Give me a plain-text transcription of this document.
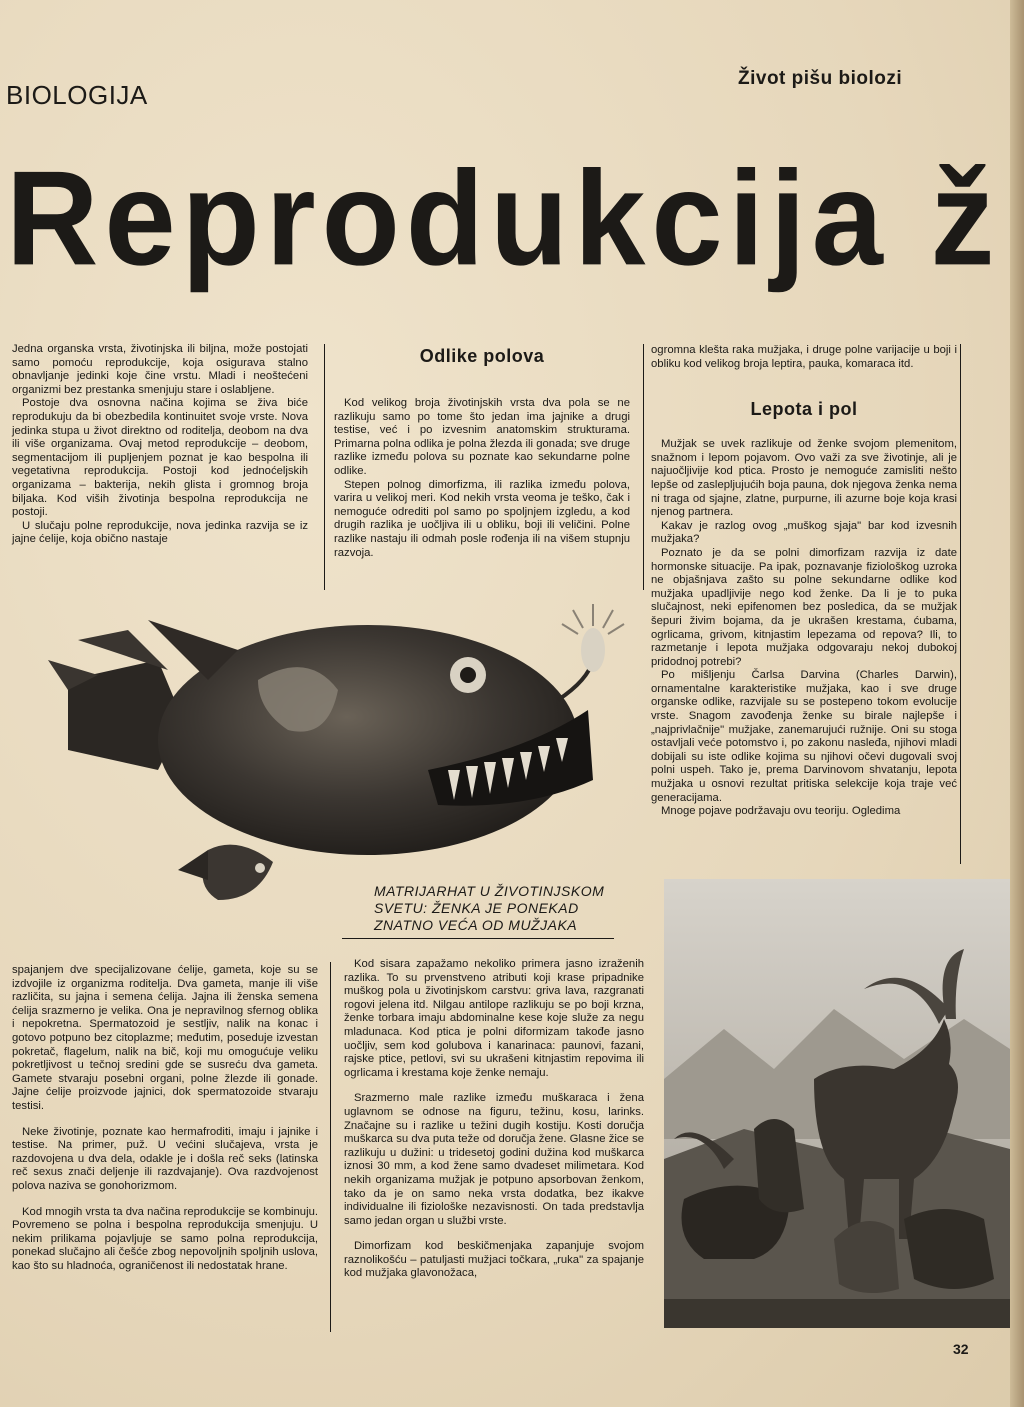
BIOLOGIJA
Život pišu biolozi
Reprodukcija ž

Jedna organska vrsta, životinjska ili biljna, može postojati samo pomoću reprodukcije, koja osigurava stalno obnavljanje jedinki koje čine vrstu. Mladi i neoštećeni organizmi bez prestanka smenjuju stare i oslabljene.

Postoje dva osnovna načina kojima se živa biće reprodukuju da bi obezbedila kontinuitet svoje vrste. Nova jedinka stupa u život direktno od roditelja, deobom na dva ili više organizama. Ovaj metod reprodukcije – deobom, segmentacijom ili pupljenjem poznat je kao bespolna ili vegetativna reprodukcija. Postoji kod jednoćeljskih organizama – bakterija, nekih glista i gromnog broja biljaka. Kod viših životinja bespolna reprodukcija ne postoji.

U slučaju polne reprodukcije, nova jedinka razvija se iz jajne ćelije, koja obično nastaje

Odlike polova

Kod velikog broja životinjskih vrsta dva pola se ne razlikuju samo po tome što jedan ima jajnike a drugi testise, već i po izvesnim anatomskim strukturama. Primarna polna odlika je polna žlezda ili gonada; sve druge razlike između polova su poznate kao sekundarne polne odlike.

Stepen polnog dimorfizma, ili razlika između polova, varira u velikoj meri. Kod nekih vrsta veoma je teško, čak i nemoguće odrediti pol samo po spoljnjem izgledu, a kod drugih razlika je uočljiva ili u obliku, boji ili veličini. Polne razlike nastaju ili odmah posle rođenja ili na višem stupnju razvoja.

ogromna klešta raka mužjaka, i druge polne varijacije u boji i obliku kod velikog broja leptira, pauka, komaraca itd.

Lepota i pol

Mužjak se uvek razlikuje od ženke svojom plemenitom, snažnom i lepom pojavom. Ovo važi za sve životinje, ali je najuočljivije kod ptica. Prosto je nemoguće zamisliti nešto lepše od zaslepljujućih boja pauna, dok njegova ženka nema ni traga od sjajne, zlatne, purpurne, ili azurne boje koja krasi njenog partnera.

Kakav je razlog ovog „muškog sjaja" bar kod izvesnih mužjaka?

Poznato je da se polni dimorfizam razvija iz date hormonske situacije. Pa ipak, poznavanje fiziološkog uzroka ne objašnjava zašto su polne sekundarne odlike kod mužjaka upadljivije nego kod ženke. Da li je to puka slučajnost, neki epifenomen bez posledica, da se mužjak šepuri živim bojama, da je ukrašen krestama, ćubama, ogrlicama, grivom, kitnjastim lepezama od repova? Ili, to razmetanje i lepota mužjaka odgovaraju nekoj dubokoj pridodnoj potrebi?

Po mišljenju Čarlsa Darvina (Charles Darwin), ornamentalne karakteristike mužjaka, kao i sve druge organske odlike, razvijale su se postepeno tokom evolucije vrste. Snagom zavođenja ženke su birale najlepše i „najprivlačnije" mužjake, zanemarujući ružnije. Oni su stoga ostavljali veće potomstvo i, po zakonu nasleđa, njihovi mladi dobijali su iste odlike kojima su njihovi očevi dugovali svoj polni uspeh. Tako je, prema Darvinovom shvatanju, lepota mužjaka u osnovi rezultat pritiska selekcije koja traje već generacijama.

Mnoge pojave podržavaju ovu teoriju. Ogledima

MATRIJARHAT U ŽIVOTINJSKOM
SVETU: ŽENKA JE PONEKAD
ZNATNO VEĆA OD MUŽJAKA

spajanjem dve specijalizovane ćelije, gameta, koje su se izdvojile iz organizma roditelja. Dva gameta, manje ili više različita, su jajna i semena ćelija. Jajna ili ženska semena ćelija srazmerno je velika. Ona je nepravilnog sfernog oblika i nepokretna. Spermatozoid je sestljiv, nalik na konac i gotovo potpuno bez citoplazme; međutim, poseduje izvestan pokretač, flagelum, nalik na bič, koji mu omogućuje veliku pokretljivost u tečnoj sredini gde se susreću dva gameta. Gamete stvaraju posebni organi, polne žlezde ili gonade. Jajne ćelije proizvode jajnici, dok spermatozoide stvaraju testisi.

Neke životinje, poznate kao hermafroditi, imaju i jajnike i testise. Na primer, puž. U većini slučajeva, vrsta je razdovojena u dva dela, odakle je i došla reč seks (latinska reč sexus znači deljenje ili razdvajanje). Ova razdvojenost polova naziva se gonohorizmom.

Kod mnogih vrsta ta dva načina reprodukcije se kombinuju. Povremeno se polna i bespolna reprodukcija smenjuju. U nekim prilikama pojavljuje se samo polna reprodukcija, ponekad slučajno ali češće zbog nepovoljnih spoljnih uslova, kao što su hladnoća, ograničenost ili nedostatak hrane.

Kod sisara zapažamo nekoliko primera jasno izraženih razlika. To su prvenstveno atributi koji krase pripadnike muškog pola u životinjskom carstvu: griva lava, razgranati rogovi jelena itd. Nilgau antilope razlikuju se po boji krzna, ženke torbara imaju abdominalne kese koje služe za negu mladunaca. Kod ptica je polni diformizam takođe jasno uočljiv, sem kod golubova i kanarinaca: paunovi, fazani, rajske ptice, petlovi, svi su ukrašeni kitnjastim repovima ili ogrlicama i krestama koje ženke nemaju.

Srazmerno male razlike između muškaraca i žena uglavnom se odnose na figuru, težinu, kosu, larinks. Značajne su i razlike u težini dugih kostiju. Kosti doručja muškarca su dva puta teže od doručja žene. Glasne žice se razlikuju u dužini: u tridesetoj godini dužina kod muškarca iznosi 30 mm, a kod žene samo dvadeset milimetara. Kod nekih organizama mužjak je potpuno apsorbovan ženkom, tako da je on samo neka vrsta dodatka, bez ikakve individualne ili fiziološke nezavisnosti. On tada predstavlja samo jedan organ u službi vrste.

Dimorfizam kod beskičmenjaka zapanjuje svojom raznolikošću – patuljasti mužjaci točkara, „ruka" za spajanje kod mužjaka glavonožaca,

32
